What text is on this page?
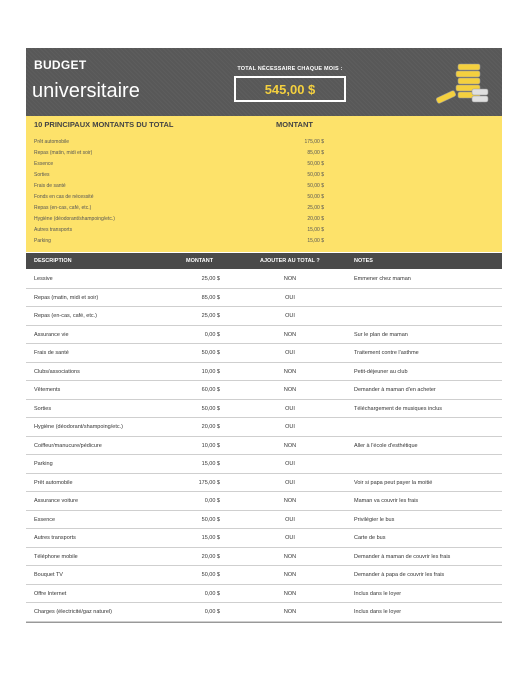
BUDGET
universitaire
TOTAL NÉCESSAIRE CHAQUE MOIS :
545,00 $
10 PRINCIPAUX MONTANTS DU TOTAL	MONTANT
Prêt automobile	175,00 $
Repas (matin, midi et soir)	85,00 $
Essence	50,00 $
Sorties	50,00 $
Frais de santé	50,00 $
Fonds en cas de nécessité	50,00 $
Repas (en-cas, café, etc.)	25,00 $
Hygiène (déodorant/shampoing/etc.)	20,00 $
Autres transports	15,00 $
Parking	15,00 $
DESCRIPTION	MONTANT	AJOUTER AU TOTAL ?	NOTES
Lessive	25,00 $	NON	Emmener chez maman
Repas (matin, midi et soir)	85,00 $	OUI
Repas (en-cas, café, etc.)	25,00 $	OUI
Assurance vie	0,00 $	NON	Sur le plan de maman
Frais de santé	50,00 $	OUI	Traitement contre l'asthme
Clubs/associations	10,00 $	NON	Petit-déjeuner au club
Vêtements	60,00 $	NON	Demander à maman d'en acheter
Sorties	50,00 $	OUI	Téléchargement de musiques inclus
Hygiène (déodorant/shampoing/etc.)	20,00 $	OUI
Coiffeur/manucure/pédicure	10,00 $	NON	Aller à l'école d'esthétique
Parking	15,00 $	OUI
Prêt automobile	175,00 $	OUI	Voir si papa peut payer la moitié
Assurance voiture	0,00 $	NON	Maman va couvrir les frais
Essence	50,00 $	OUI	Privilégier le bus
Autres transports	15,00 $	OUI	Carte de bus
Téléphone mobile	20,00 $	NON	Demander à maman de couvrir les frais
Bouquet TV	50,00 $	NON	Demander à papa de couvrir les frais
Offre Internet	0,00 $	NON	Inclus dans le loyer
Charges (électricité/gaz naturel)	0,00 $	NON	Inclus dans le loyer
